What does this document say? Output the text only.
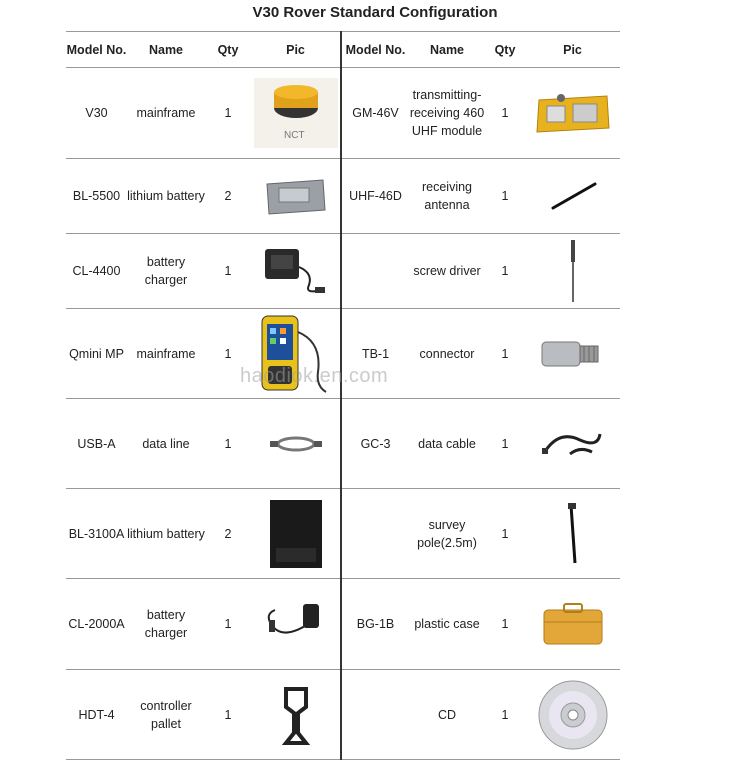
V30 Rover Standard Configuration
Model No.	Name	Qty	Pic	Model No.	Name	Qty	Pic
V30	mainframe	1	NCT	GM-46V	transmitting-receiving 460 UHF module	1	

BL-5500	lithium battery	2		UHF-46D	receiving antenna	1	

CL-4400	battery charger	1			screw driver	1	

Qmini MP	mainframe	1		TB-1	connector	1	

USB-A	data line	1		GC-3	data cable	1	

BL-3100A	lithium battery	2			survey pole(2.5m)	1	

CL-2000A	battery charger	1		BG-1B	plastic case	1	

HDT-4	controller pallet	1			CD	1	
haodiok.en.com
